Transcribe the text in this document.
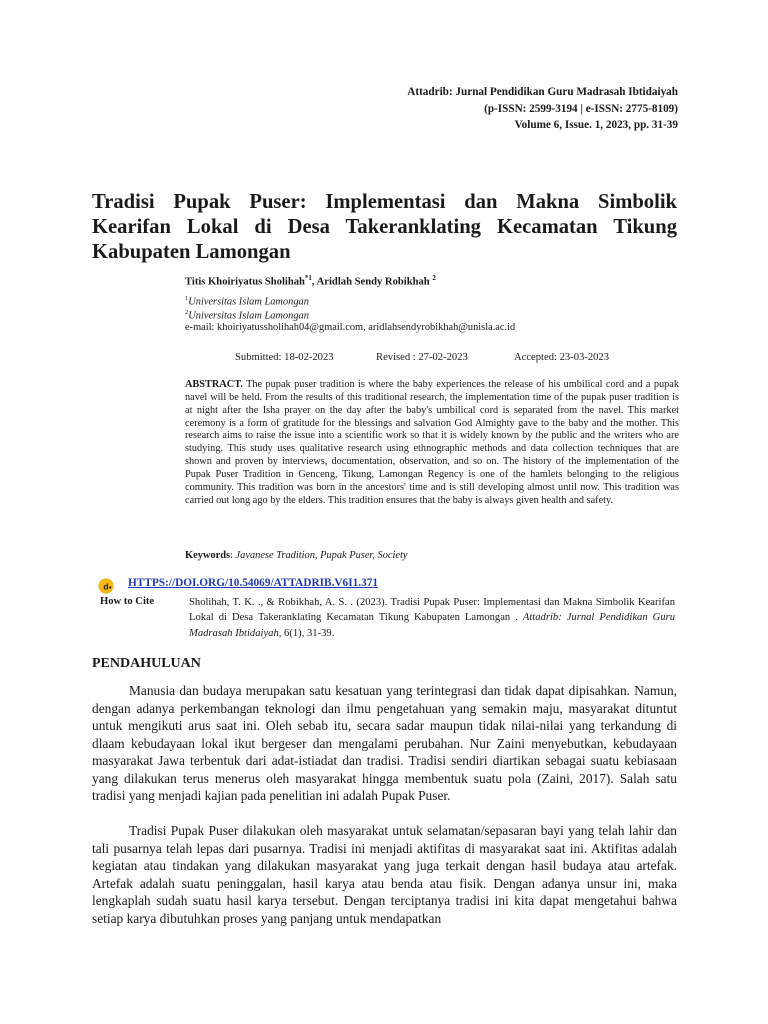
Attadrib: Jurnal Pendidikan Guru Madrasah Ibtidaiyah
(p-ISSN: 2599-3194 | e-ISSN: 2775-8109)
Volume 6, Issue. 1, 2023, pp. 31-39
Tradisi Pupak Puser: Implementasi dan Makna Simbolik Kearifan Lokal di Desa Takeranklating Kecamatan Tikung Kabupaten Lamongan
Titis Khoiriyatus Sholihah$^{*1}$, Aridlah Sendy Robikhah $^2$
$^1$Universitas Islam Lamongan
$^2$Universitas Islam Lamongan
e-mail: khoiriyatussholihah04@gmail.com, aridlahsendyrobikhah@unisla.ac.id
Submitted: 18-02-2023	Revised : 27-02-2023	Accepted: 23-03-2023
ABSTRACT. The pupak puser tradition is where the baby experiences the release of his umbilical cord and a pupak navel will be held. From the results of this traditional research, the implementation time of the pupak puser tradition is at night after the Isha prayer on the day after the baby's umbilical cord is separated from the navel. This market ceremony is a form of gratitude for the blessings and salvation God Almighty gave to the baby and the mother. This research aims to raise the issue into a scientific work so that it is widely known by the public and the writers who are studying. This study uses qualitative research using ethnographic methods and data collection techniques that are shown and proven by interviews, documentation, observation, and so on. The history of the implementation of the Pupak Puser Tradition in Genceng, Tikung, Lamongan Regency is one of the hamlets belonging to the religious community. This tradition was born in the ancestors' time and is still developing almost until now. This tradition was carried out long ago by the elders. This tradition ensures that the baby is always given health and safety.
Keywords: Javanese Tradition, Pupak Puser, Society
d HTTPS://DOI.ORG/10.54069/ATTADRIB.V6I1.371
How to Cite	Sholihah, T. K. ., & Robikhah, A. S. . (2023). Tradisi Pupak Puser: Implementasi dan Makna Simbolik Kearifan Lokal di Desa Takeranklating Kecamatan Tikung Kabupaten Lamongan . Attadrib: Jurnal Pendidikan Guru Madrasah Ibtidaiyah, 6(1), 31-39.
PENDAHULUAN

Manusia dan budaya merupakan satu kesatuan yang terintegrasi dan tidak dapat dipisahkan. Namun, dengan adanya perkembangan teknologi dan ilmu pengetahuan yang semakin maju, masyarakat dituntut untuk mengikuti arus saat ini. Oleh sebab itu, secara sadar maupun tidak nilai-nilai yang terkandung di dlaam kebudayaan lokal ikut bergeser dan mengalami perubahan. Nur Zaini menyebutkan, kebudayaan masyarakat Jawa terbentuk dari adat-istiadat dan tradisi. Tradisi sendiri diartikan sebagai suatu kebiasaan yang dilakukan terus menerus oleh masyarakat hingga membentuk suatu pola (Zaini, 2017). Salah satu tradisi yang menjadi kajian pada penelitian ini adalah Pupak Puser.

Tradisi Pupak Puser dilakukan oleh masyarakat untuk selamatan/sepasaran bayi yang telah lahir dan tali pusarnya telah lepas dari pusarnya. Tradisi ini menjadi aktifitas di masyarakat saat ini. Aktifitas adalah kegiatan atau tindakan yang dilakukan masyarakat yang juga terkait dengan hasil budaya atau artefak. Artefak adalah suatu peninggalan, hasil karya atau benda atau fisik. Dengan adanya unsur ini, maka lengkaplah sudah suatu hasil karya tersebut. Dengan terciptanya tradisi ini kita dapat mengetahui bahwa setiap karya dibutuhkan proses yang panjang untuk mendapatkan
